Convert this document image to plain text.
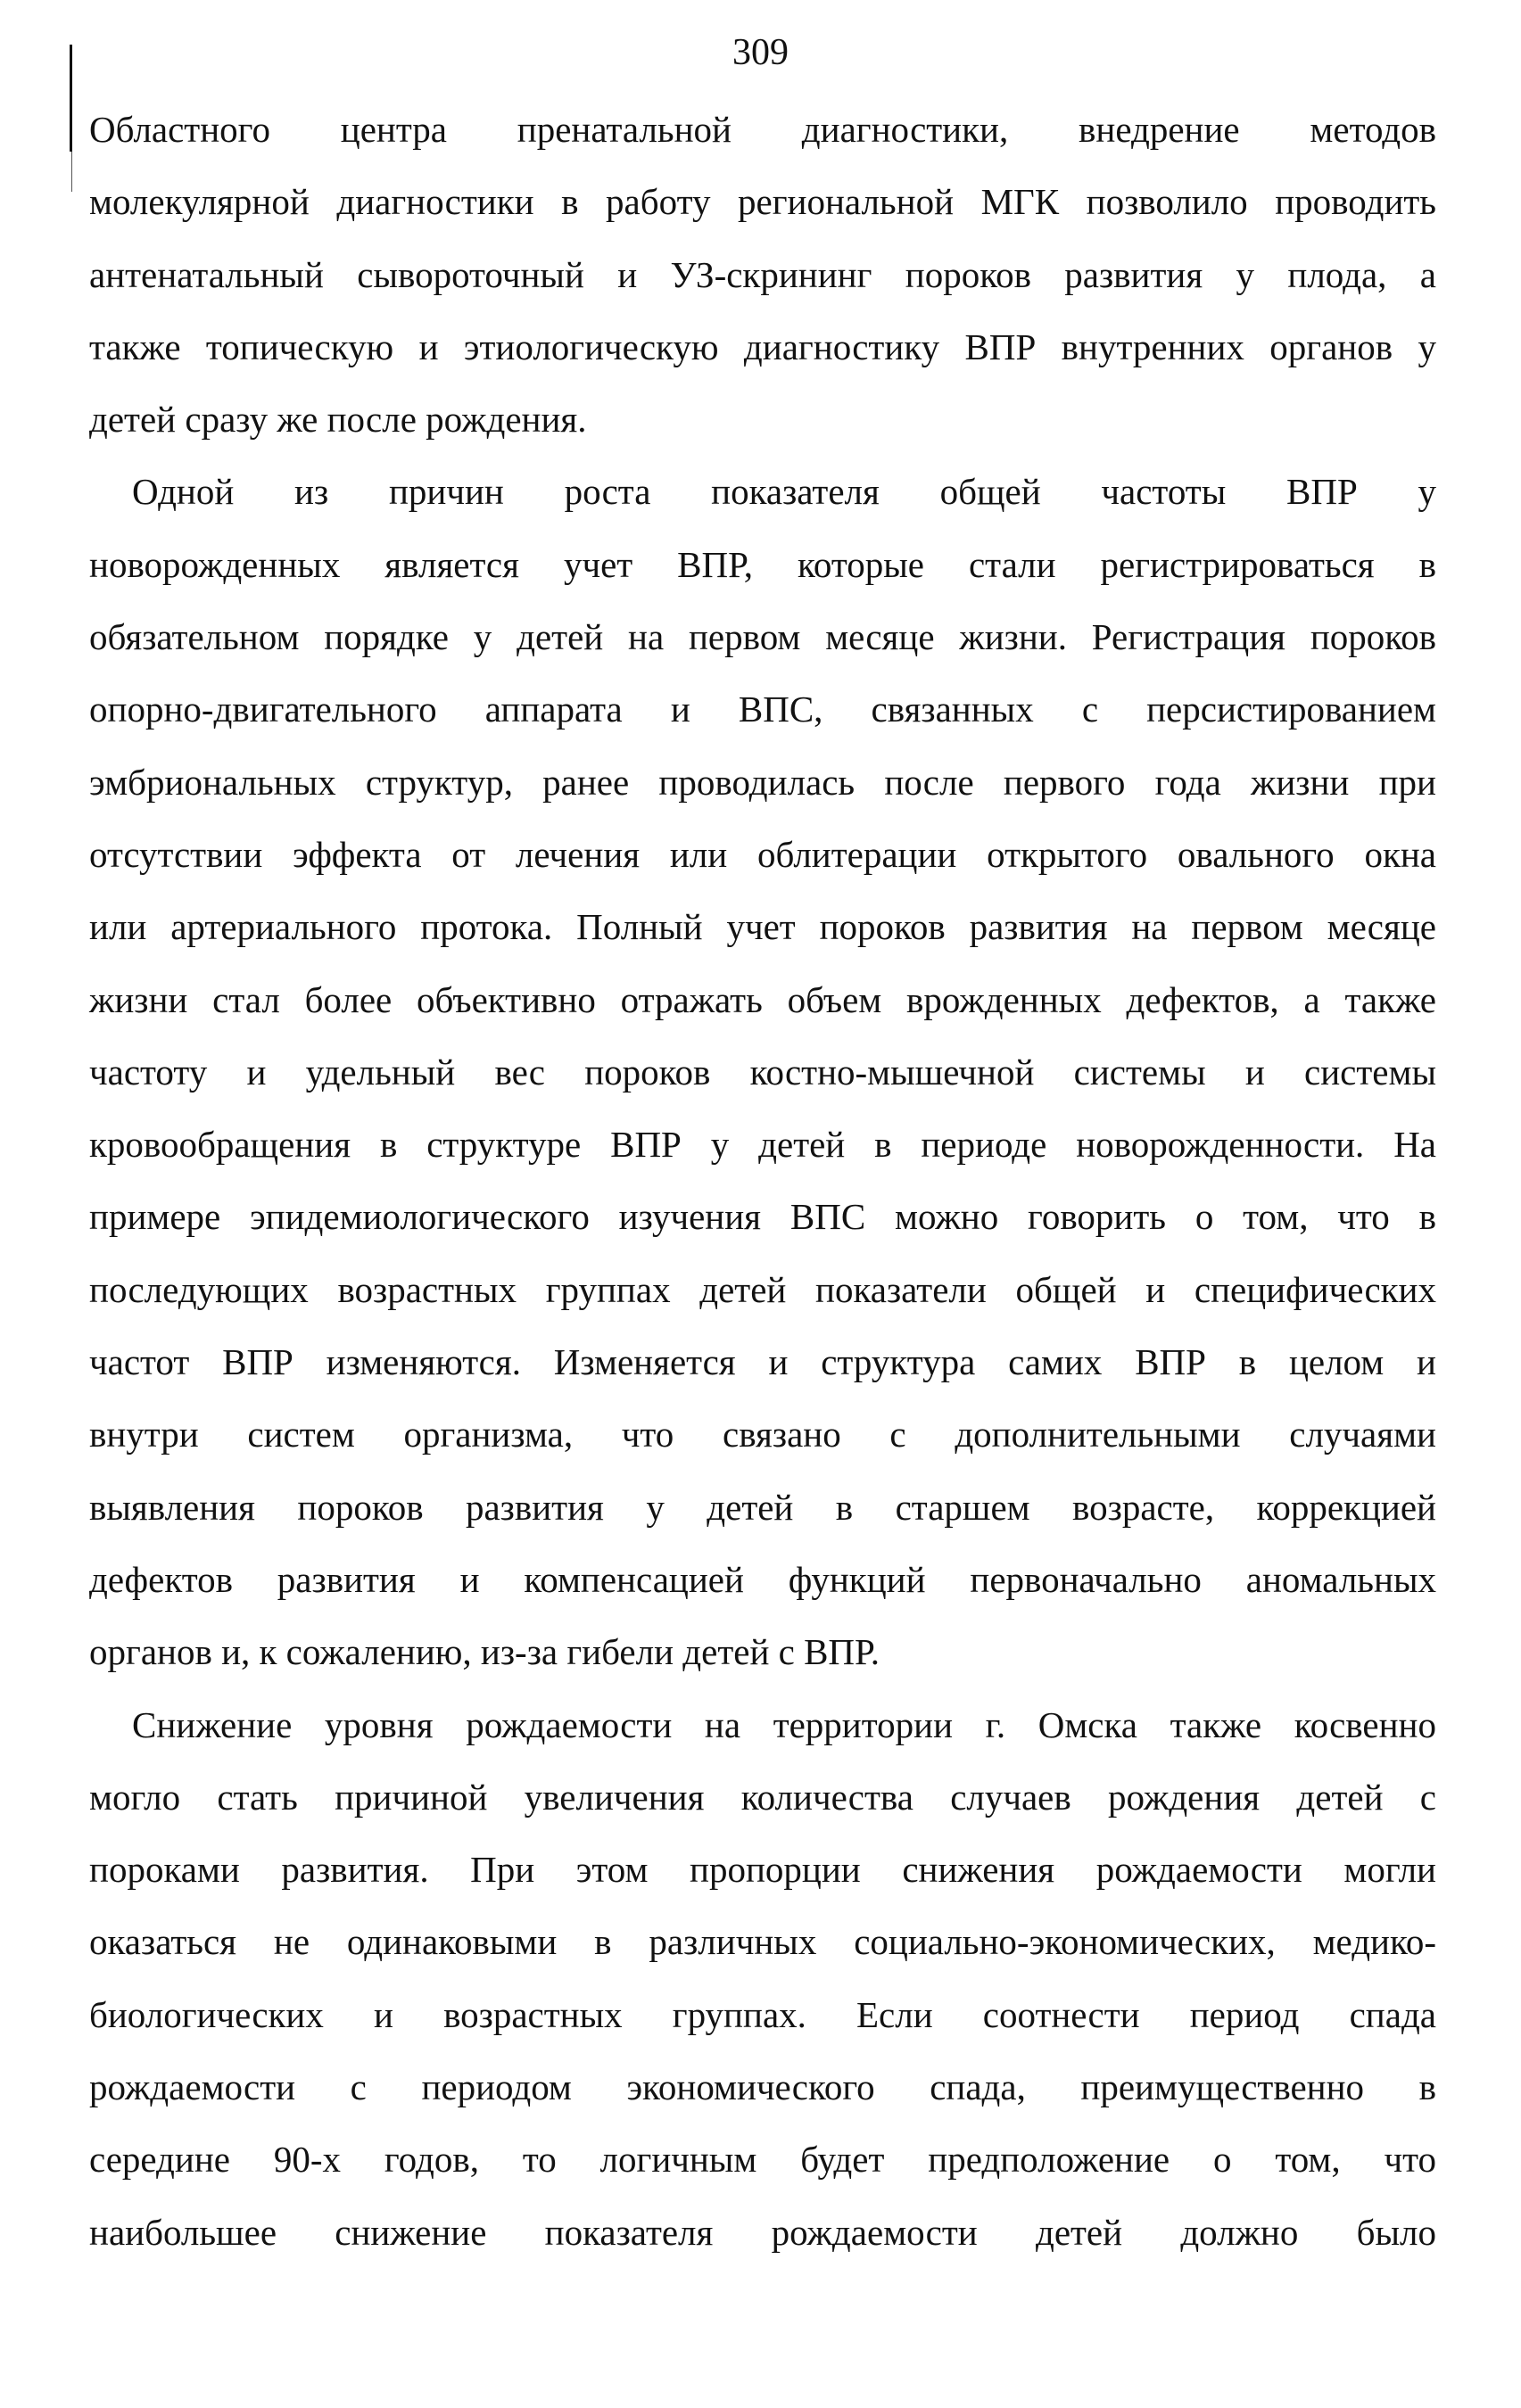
309

Областного центра пренатальной диагностики, внедрение методов
молекулярной диагностики в работу региональной МГК позволило проводить
антенатальный сывороточный и УЗ-скрининг пороков развития у плода, а
также топическую и этиологическую диагностику ВПР внутренних органов у
детей сразу же после рождения.

Одной из причин роста показателя общей частоты ВПР у
новорожденных является учет ВПР, которые стали регистрироваться в
обязательном порядке у детей на первом месяце жизни. Регистрация пороков
опорно-двигательного аппарата и ВПС, связанных с персистированием
эмбриональных структур, ранее проводилась после первого года жизни при
отсутствии эффекта от лечения или облитерации открытого овального окна
или артериального протока. Полный учет пороков развития на первом месяце
жизни стал более объективно отражать объем врожденных дефектов, а также
частоту и удельный вес пороков костно-мышечной системы и системы
кровообращения в структуре ВПР у детей в периоде новорожденности. На
примере эпидемиологического изучения ВПС можно говорить о том, что в
последующих возрастных группах детей показатели общей и специфических
частот ВПР изменяются. Изменяется и структура самих ВПР в целом и
внутри систем организма, что связано с дополнительными случаями
выявления пороков развития у детей в старшем возрасте, коррекцией
дефектов развития и компенсацией функций первоначально аномальных
органов и, к сожалению, из-за гибели детей с ВПР.

Снижение уровня рождаемости на территории г. Омска также косвенно
могло стать причиной увеличения количества случаев рождения детей с
пороками развития. При этом пропорции снижения рождаемости могли
оказаться не одинаковыми в различных социально-экономических, медико-
биологических и возрастных группах. Если соотнести период спада
рождаемости с периодом экономического спада, преимущественно в
середине 90-х годов, то логичным будет предположение о том, что
наибольшее снижение показателя рождаемости детей должно было
